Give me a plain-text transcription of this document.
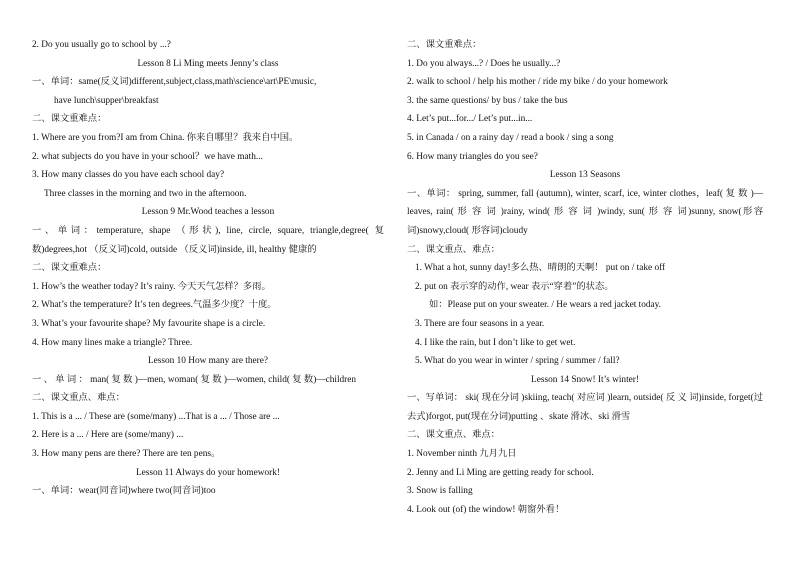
2. Do you usually go to school by ...?
Lesson 8 Li Ming meets Jenny’s class
一、单词：same(反义词)different,subject,class,math\science\art\PE\music,
have lunch\supper\breakfast
二、课文重难点：
1. Where are you from?I am from China. 你来自哪里？我来自中国。
2. what subjects do you have in your school？we have math...
3. How many classes do you have each school day?
Three classes in the morning and two in the afternoon.
Lesson 9 Mr.Wood teaches a lesson
一、单词：temperature, shape （形状), line, circle, square, triangle,degree( 复数)degrees,hot （反义词)cold, outside （反义词)inside, ill, healthy 健康的
二、课文重难点：
1. How’s the weather today? It’s rainy. 今天天气怎样？多雨。
2. What’s the temperature? It’s ten degrees.气温多少度？十度。
3. What’s your favourite shape? My favourite shape is a circle.
4. How many lines make a triangle? Three.
Lesson 10 How many are there?
一 、 单 词 ： man( 复 数 )—men, woman( 复 数 )—women, child( 复 数)—children
二、课文重点、难点：
1. This is a ... / These are (some/many) ...That is a ... / Those are ...
2. Here is a ... / Here are (some/many) ...
3. How many pens are there? There are ten pens。
Lesson 11 Always do your homework!
一、单词：wear(同音词)where two(同音词)too
二、课文重难点：
1. Do you always...? / Does he usually...?
2. walk to school / help his mother / ride my bike / do your homework
3. the same questions/ by bus / take the bus
4. Let’s put...for.../ Let’s put...in...
5. in Canada / on a rainy day / read a book / sing a song
6. How many triangles do you see?
Lesson 13 Seasons
一、单词： spring, summer, fall (autumn), winter, scarf, ice, winter clothes，leaf( 复 数 )—leaves, rain( 形 容 词 )rainy, wind( 形 容 词 )windy, sun( 形 容 词)sunny, snow(形容词)snowy,cloud( 形容词)cloudy
二、课文重点、难点：
1. What a hot, sunny day!多么热、晴朗的天啊！ put on / take off
2. put on 表示穿的动作, wear 表示“穿着”的状态。
如：Please put on your sweater. / He wears a red jacket today.
3. There are four seasons in a year.
4. I like the rain, but I don’t like to get wet.
5. What do you wear in winter / spring / summer / fall?
Lesson 14 Snow! It’s winter!
一、写单词： ski( 现在分词 )skiing, teach( 对应词 )learn, outside( 反 义 词)inside, forget(过去式)forgot, put(现在分词)putting 、skate 滑冰、ski 滑雪
二、课文重点、难点：
1. November ninth 九月九日
2. Jenny and Li Ming are getting ready for school.
3. Snow is falling
4. Look out (of) the window! 朝窗外看！
